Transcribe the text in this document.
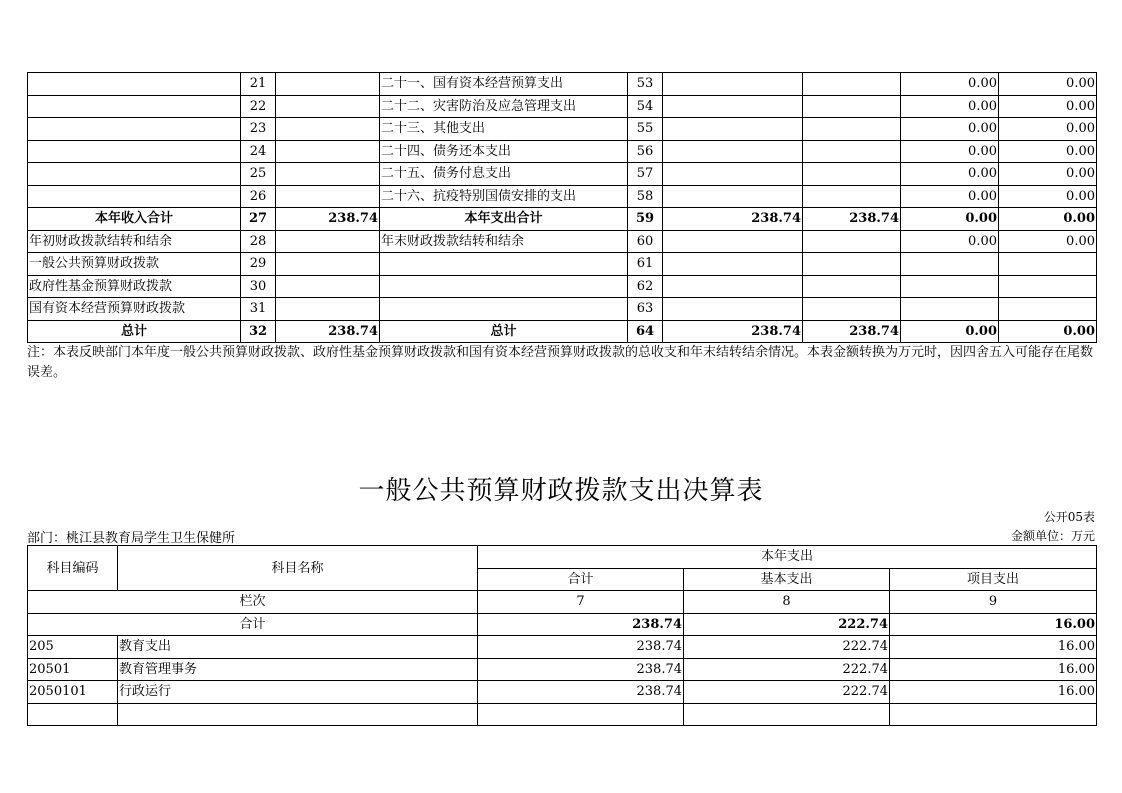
	21		二十一、国有资本经营预算支出	53			0.00	0.00
	22		二十二、灾害防治及应急管理支出	54			0.00	0.00
	23		二十三、其他支出	55			0.00	0.00
	24		二十四、债务还本支出	56			0.00	0.00
	25		二十五、债务付息支出	57			0.00	0.00
	26		二十六、抗疫特别国债安排的支出	58			0.00	0.00
本年收入合计	27	238.74	本年支出合计	59	238.74	238.74	0.00	0.00
年初财政拨款结转和结余	28		年末财政拨款结转和结余	60			0.00	0.00
一般公共预算财政拨款	29			61				
政府性基金预算财政拨款	30			62				
国有资本经营预算财政拨款	31			63				
总计	32	238.74	总计	64	238.74	238.74	0.00	0.00
注：本表反映部门本年度一般公共预算财政拨款、政府性基金预算财政拨款和国有资本经营预算财政拨款的总收支和年末结转结余情况。本表金额转换为万元时，因四舍五入可能存在尾数误差。
一般公共预算财政拨款支出决算表
公开05表
部门：桃江县教育局学生卫生保健所	金额单位：万元
科目编码	科目名称	本年支出		
		合计	基本支出	项目支出
栏次		7	8	9
合计		238.74	222.74	16.00
205	教育支出	238.74	222.74	16.00
20501	教育管理事务	238.74	222.74	16.00
2050101	行政运行	238.74	222.74	16.00
